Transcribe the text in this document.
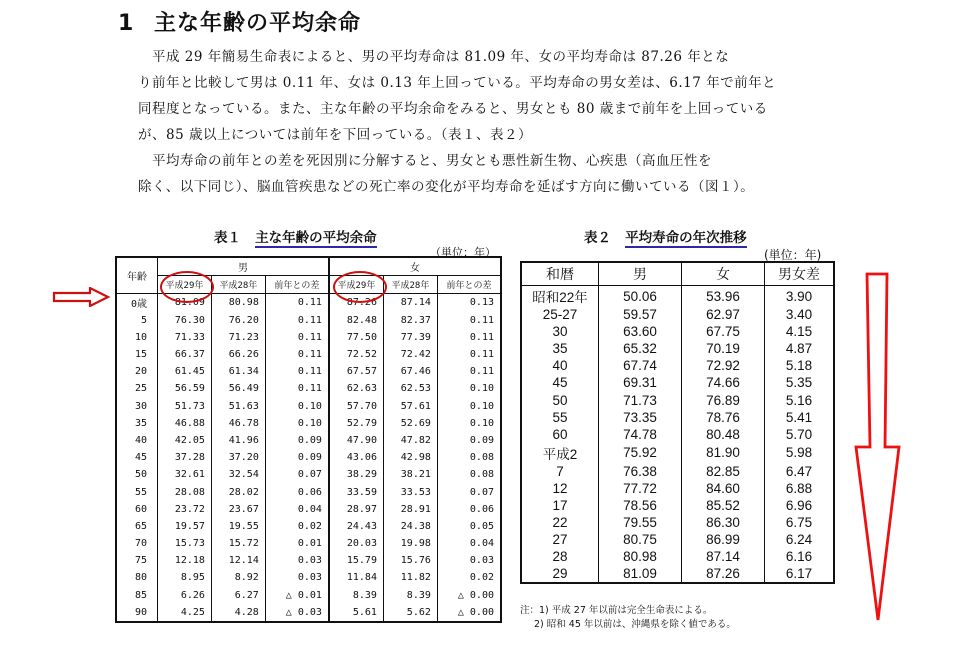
1 主な年齢の平均余命

平成 29 年簡易生命表によると、男の平均寿命は 81.09 年、女の平均寿命は 87.26 年とな

り前年と比較して男は 0.11 年、女は 0.13 年上回っている。平均寿命の男女差は、6.17 年で前年と同程度となっている。また、主な年齢の平均余命をみると、男女とも 80 歳まで前年を上回っているが、85 歳以上については前年を下回っている。（表１、表２）

平均寿命の前年との差を死因別に分解すると、男女とも悪性新生物、心疾患（高血圧性を

除く、以下同じ）、脳血管疾患などの死亡率の変化が平均寿命を延ばす方向に働いている（図１）。

表１ 主な年齢の平均余命
（単位：年）
年齢	男			女		
	平成29年	平成28年	前年との差	平成29年	平成28年	前年との差
0歳	81.09	80.98	0.11	87.26	87.14	0.13
5	76.30	76.20	0.11	82.48	82.37	0.11
10	71.33	71.23	0.11	77.50	77.39	0.11
15	66.37	66.26	0.11	72.52	72.42	0.11
20	61.45	61.34	0.11	67.57	67.46	0.11
25	56.59	56.49	0.11	62.63	62.53	0.10
30	51.73	51.63	0.10	57.70	57.61	0.10
35	46.88	46.78	0.10	52.79	52.69	0.10
40	42.05	41.96	0.09	47.90	47.82	0.09
45	37.28	37.20	0.09	43.06	42.98	0.08
50	32.61	32.54	0.07	38.29	38.21	0.08
55	28.08	28.02	0.06	33.59	33.53	0.07
60	23.72	23.67	0.04	28.97	28.91	0.06
65	19.57	19.55	0.02	24.43	24.38	0.05
70	15.73	15.72	0.01	20.03	19.98	0.04
75	12.18	12.14	0.03	15.79	15.76	0.03
80	8.95	8.92	0.03	11.84	11.82	0.02
85	6.26	6.27	△ 0.01	8.39	8.39	△ 0.00
90	4.25	4.28	△ 0.03	5.61	5.62	△ 0.00
表２ 平均寿命の年次推移
(単位：年)
和暦	男	女	男女差
昭和22年	50.06	53.96	3.90
25-27	59.57	62.97	3.40
30	63.60	67.75	4.15
35	65.32	70.19	4.87
40	67.74	72.92	5.18
45	69.31	74.66	5.35
50	71.73	76.89	5.16
55	73.35	78.76	5.41
60	74.78	80.48	5.70
平成2	75.92	81.90	5.98
7	76.38	82.85	6.47
12	77.72	84.60	6.88
17	78.56	85.52	6.96
22	79.55	86.30	6.75
27	80.75	86.99	6.24
28	80.98	87.14	6.16
29	81.09	87.26	6.17
注：1) 平成 27 年以前は完全生命表による。
2) 昭和 45 年以前は、沖縄県を除く値である。
